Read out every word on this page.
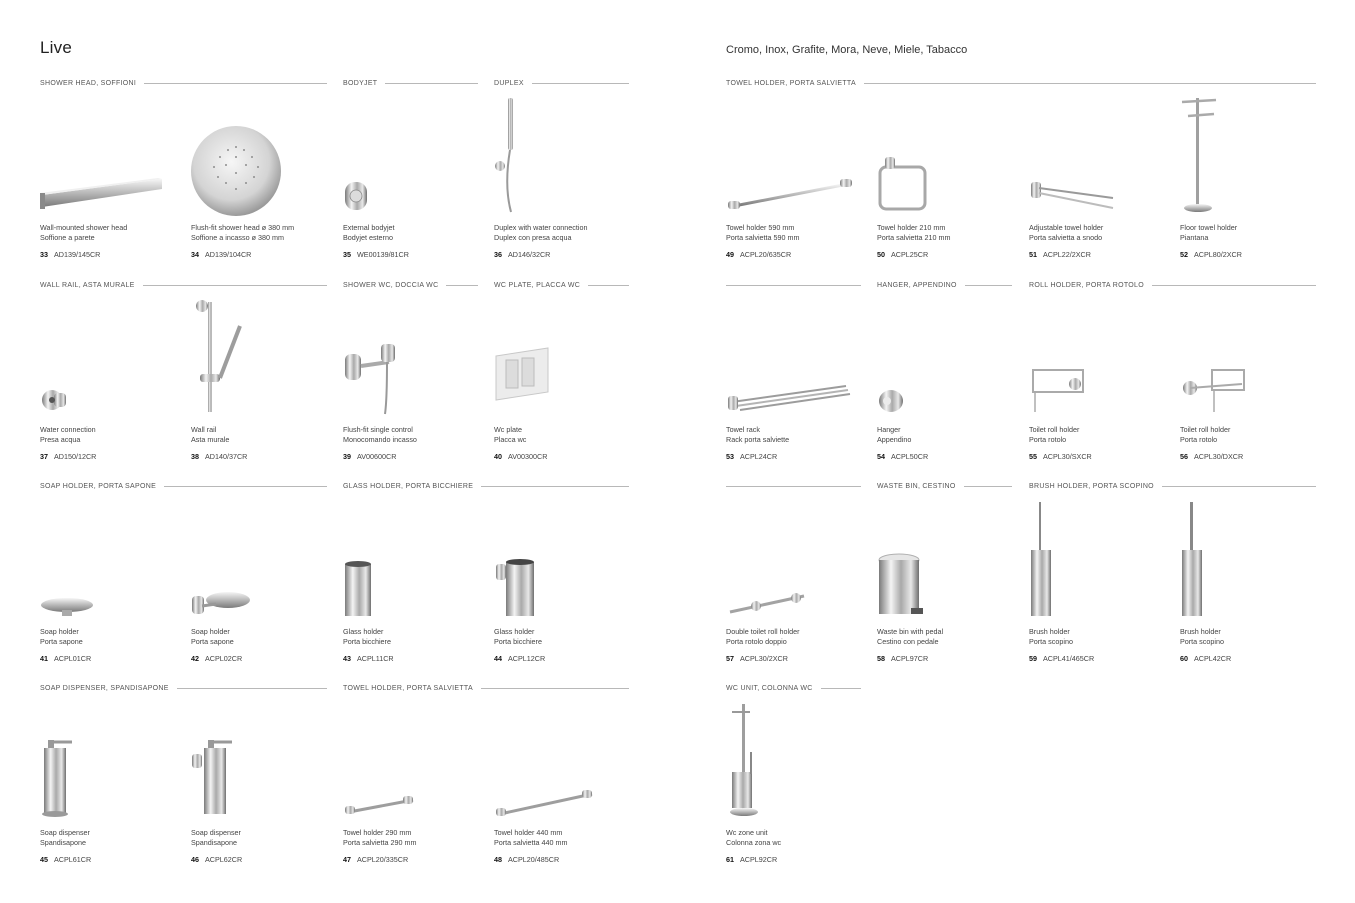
Live	Cromo, Inox, Grafite, Mora, Neve, Miele, Tabacco
SHOWER HEAD, SOFFIONI	BODYJET	DUPLEX	TOWEL HOLDER, PORTA SALVIETTA
WALL RAIL, ASTA MURALE	SHOWER WC, DOCCIA WC	WC PLATE, PLACCA WC	HANGER, APPENDINO	ROLL HOLDER, PORTA ROTOLO
SOAP HOLDER, PORTA SAPONE	GLASS HOLDER, PORTA BICCHIERE	WASTE BIN, CESTINO	BRUSH HOLDER, PORTA SCOPINO
SOAP DISPENSER, SPANDISAPONE	TOWEL HOLDER, PORTA SALVIETTA	WC UNIT, COLONNA WC
Wall-mounted shower head
Soffione a parete
33 AD139/145CR
Flush-fit shower head ø 380 mm
Soffione a incasso ø 380 mm
34 AD139/104CR
External bodyjet
Bodyjet esterno
35 WE00139/81CR
Duplex with water connection
Duplex con presa acqua
36 AD146/32CR
Towel holder 590 mm
Porta salvietta 590 mm
49 ACPL20/635CR
Towel holder 210 mm
Porta salvietta 210 mm
50 ACPL25CR
Adjustable towel holder
Porta salvietta a snodo
51 ACPL22/2XCR
Floor towel holder
Piantana
52 ACPL80/2XCR
Water connection
Presa acqua
37 AD150/12CR
Wall rail
Asta murale
38 AD140/37CR
Flush-fit single control
Monocomando incasso
39 AV00600CR
Wc plate
Placca wc
40 AV00300CR
Towel rack
Rack porta salviette
53 ACPL24CR
Hanger
Appendino
54 ACPL50CR
Toilet roll holder
Porta rotolo
55 ACPL30/SXCR
Toilet roll holder
Porta rotolo
56 ACPL30/DXCR
Soap holder
Porta sapone
41 ACPL01CR
Soap holder
Porta sapone
42 ACPL02CR
Glass holder
Porta bicchiere
43 ACPL11CR
Glass holder
Porta bicchiere
44 ACPL12CR
Double toilet roll holder
Porta rotolo doppio
57 ACPL30/2XCR
Waste bin with pedal
Cestino con pedale
58 ACPL97CR
Brush holder
Porta scopino
59 ACPL41/465CR
Brush holder
Porta scopino
60 ACPL42CR
Soap dispenser
Spandisapone
45 ACPL61CR
Soap dispenser
Spandisapone
46 ACPL62CR
Towel holder 290 mm
Porta salvietta 290 mm
47 ACPL20/335CR
Towel holder 440 mm
Porta salvietta 440 mm
48 ACPL20/485CR
Wc zone unit
Colonna zona wc
61 ACPL92CR
